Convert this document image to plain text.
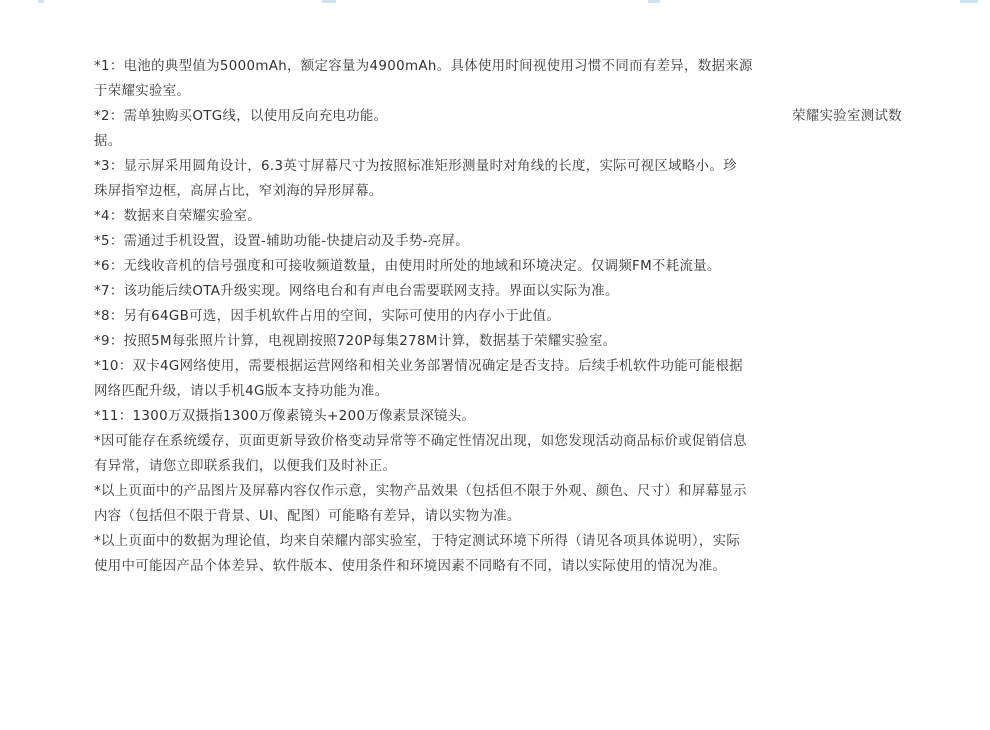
*1：电池的典型值为5000mAh，额定容量为4900mAh。具体使用时间视使用习惯不同而有差异，数据来源
于荣耀实验室。
*2：需单独购买OTG线，以使用反向充电功能。	荣耀实验室测试数
据。
*3：显示屏采用圆角设计，6.3英寸屏幕尺寸为按照标准矩形测量时对角线的长度，实际可视区域略小。珍
珠屏指窄边框，高屏占比，窄刘海的异形屏幕。
*4：数据来自荣耀实验室。
*5：需通过手机设置，设置-辅助功能-快捷启动及手势-亮屏。
*6：无线收音机的信号强度和可接收频道数量，由使用时所处的地域和环境决定。仅调频FM不耗流量。
*7：该功能后续OTA升级实现。网络电台和有声电台需要联网支持。界面以实际为准。
*8：另有64GB可选，因手机软件占用的空间，实际可使用的内存小于此值。
*9：按照5M每张照片计算，电视剧按照720P每集278M计算，数据基于荣耀实验室。
*10：双卡4G网络使用，需要根据运营网络和相关业务部署情况确定是否支持。后续手机软件功能可能根据
网络匹配升级，请以手机4G版本支持功能为准。
*11：1300万双摄指1300万像素镜头+200万像素景深镜头。
*因可能存在系统缓存，页面更新导致价格变动异常等不确定性情况出现，如您发现活动商品标价或促销信息
有异常，请您立即联系我们，以便我们及时补正。
*以上页面中的产品图片及屏幕内容仅作示意，实物产品效果（包括但不限于外观、颜色、尺寸）和屏幕显示
内容（包括但不限于背景、UI、配图）可能略有差异，请以实物为准。
*以上页面中的数据为理论值，均来自荣耀内部实验室，于特定测试环境下所得（请见各项具体说明），实际
使用中可能因产品个体差异、软件版本、使用条件和环境因素不同略有不同，请以实际使用的情况为准。
